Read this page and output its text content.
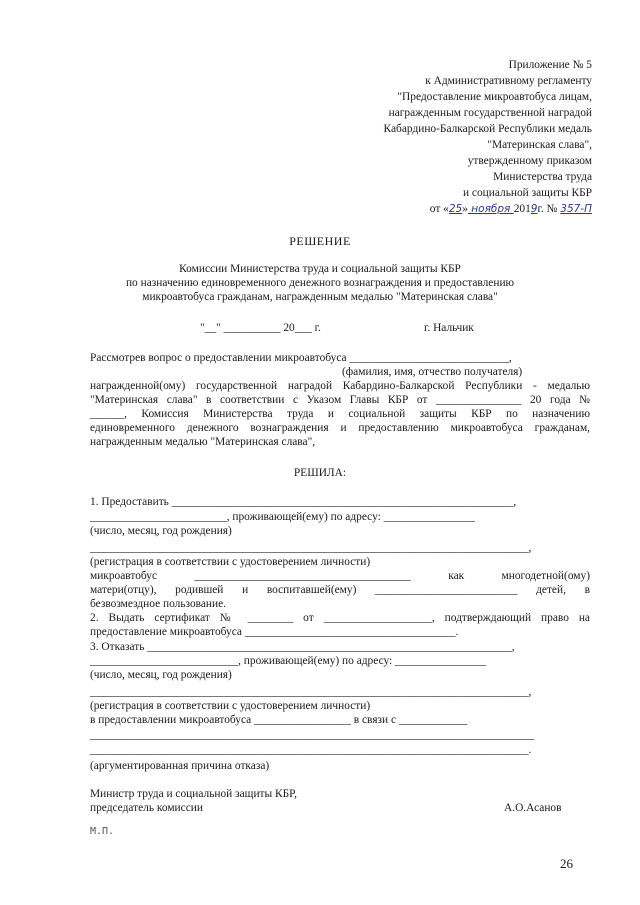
Приложение № 5
к Административному регламенту
"Предоставление микроавтобуса лицам,
награжденным государственной наградой
Кабардино-Балкарской Республики медаль
"Материнская слава",
утвержденному приказом
Министерства труда
и социальной защиты КБР
от «25» ноября 2019г. № 357-П
РЕШЕНИЕ
Комиссии Министерства труда и социальной защиты КБР
по назначению единовременного денежного вознаграждения и предоставлению
микроавтобуса гражданам, награжденным медалью "Материнская слава"
"__" __________ 20___ г.	г. Нальчик
Рассмотрев вопрос о предоставлении микроавтобуса ____________________________,
(фамилия, имя, отчество получателя)
награжденной(ому) государственной наградой Кабардино-Балкарской Республики - медалью
"Материнская слава" в соответствии с Указом Главы КБР от _______________ 20 года №
______, Комиссия Министерства труда и социальной защиты КБР по назначению
единовременного денежного вознаграждения и предоставлению микроавтобуса гражданам,
награжденным медалью "Материнская слава",
РЕШИЛА:
1. Предоставить ____________________________________________________________,
________________________, проживающей(ему) по адресу: ________________
(число, месяц, год рождения)
_____________________________________________________________________________,
(регистрация в соответствии с удостоверением личности)
микроавтобус ______________________________________ как многодетной(ому)
матери(отцу), родившей и воспитавшей(ему) _________________________ детей, в
безвозмездное пользование.
2. Выдать сертификат № ________ от ___________________, подтверждающий право на
предоставление микроавтобуса _____________________________________.
3. Отказать ________________________________________________________________,
__________________________, проживающей(ему) по адресу: ________________
(число, месяц, год рождения)
_____________________________________________________________________________,
(регистрация в соответствии с удостоверением личности)
в предоставлении микроавтобуса _________________ в связи с ____________
______________________________________________________________________________
_____________________________________________________________________________.
(аргументированная причина отказа)
Министр труда и социальной защиты КБР,
председатель комиссии	А.О.Асанов
М.П.
26
